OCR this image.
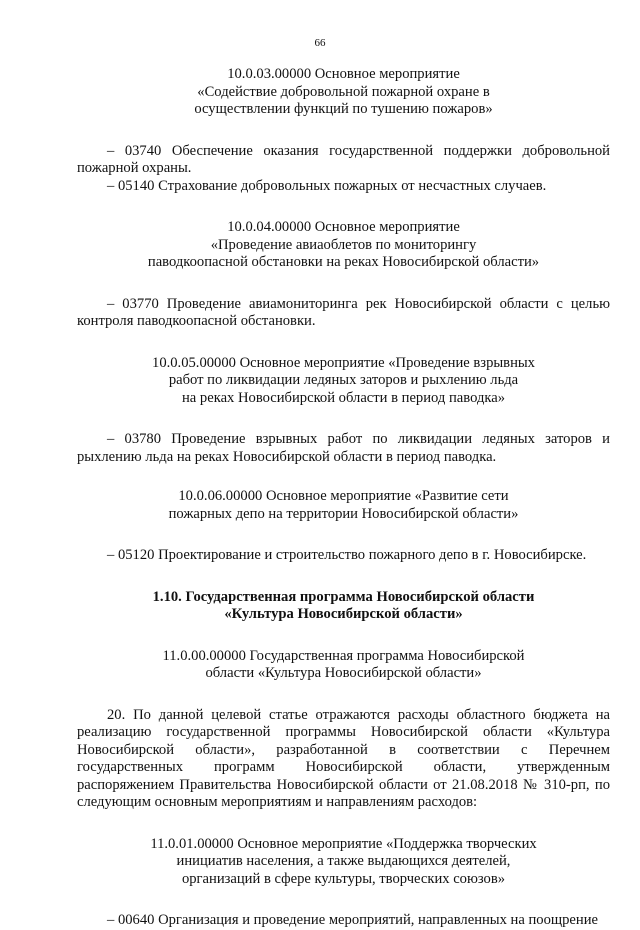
66
10.0.03.00000 Основное мероприятие
«Содействие добровольной пожарной охране в
осуществлении функций по тушению пожаров»
– 03740 Обеспечение оказания государственной поддержки добровольной
пожарной охраны.
– 05140 Страхование добровольных пожарных от несчастных случаев.
10.0.04.00000 Основное мероприятие
«Проведение авиаоблетов по мониторингу
паводкоопасной обстановки на реках Новосибирской области»
– 03770 Проведение авиамониторинга рек Новосибирской области с целью
контроля паводкоопасной обстановки.
10.0.05.00000 Основное мероприятие «Проведение взрывных
работ по ликвидации ледяных заторов и рыхлению льда
на реках Новосибирской области в период паводка»
– 03780 Проведение взрывных работ по ликвидации ледяных заторов и
рыхлению льда на реках Новосибирской области в период паводка.
10.0.06.00000 Основное мероприятие «Развитие сети
пожарных депо на территории Новосибирской области»
– 05120 Проектирование и строительство пожарного депо в г. Новосибирске.
1.10. Государственная программа Новосибирской области
«Культура Новосибирской области»
11.0.00.00000 Государственная программа Новосибирской
области «Культура Новосибирской области»
20. По данной целевой статье отражаются расходы областного бюджета на
реализацию государственной программы Новосибирской области «Культура
Новосибирской области», разработанной в соответствии с Перечнем
государственных программ Новосибирской области, утвержденным
распоряжением Правительства Новосибирской области от 21.08.2018 № 310-рп, по
следующим основным мероприятиям и направлениям расходов:
11.0.01.00000 Основное мероприятие «Поддержка творческих
инициатив населения, а также выдающихся деятелей,
организаций в сфере культуры, творческих союзов»
– 00640 Организация и проведение мероприятий, направленных на поощрение
